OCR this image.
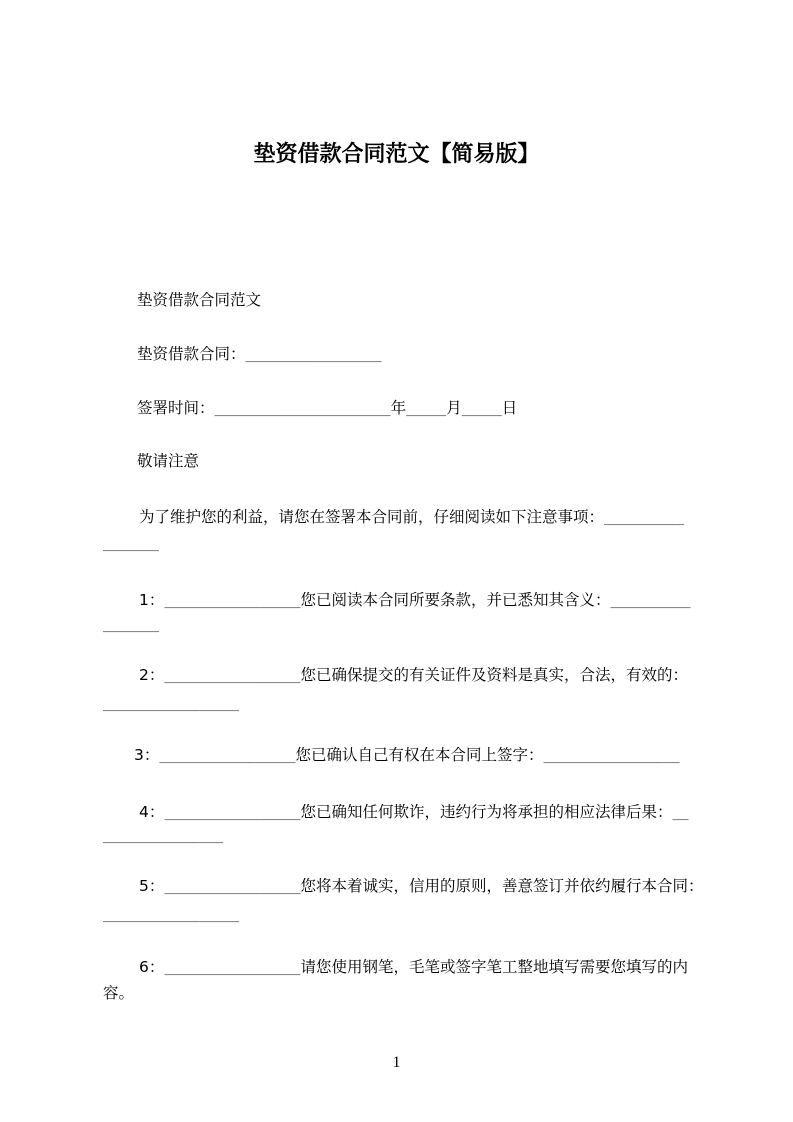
垫资借款合同范文【简易版】
垫资借款合同范文
垫资借款合同：_________________
签署时间：______________________年_____月_____日
敬请注意
为了维护您的利益，请您在签署本合同前，仔细阅读如下注意事项：__________
_______
1：_________________您已阅读本合同所要条款，并已悉知其含义：__________
_______
2：_________________您已确保提交的有关证件及资料是真实，合法，有效的：
_________________
3：_________________您已确认自己有权在本合同上签字：_________________
4：_________________您已确知任何欺诈，违约行为将承担的相应法律后果：__
_______________
5：_________________您将本着诚实，信用的原则，善意签订并依约履行本合同：
_________________
6：_________________请您使用钢笔，毛笔或签字笔工整地填写需要您填写的内
容。
1
